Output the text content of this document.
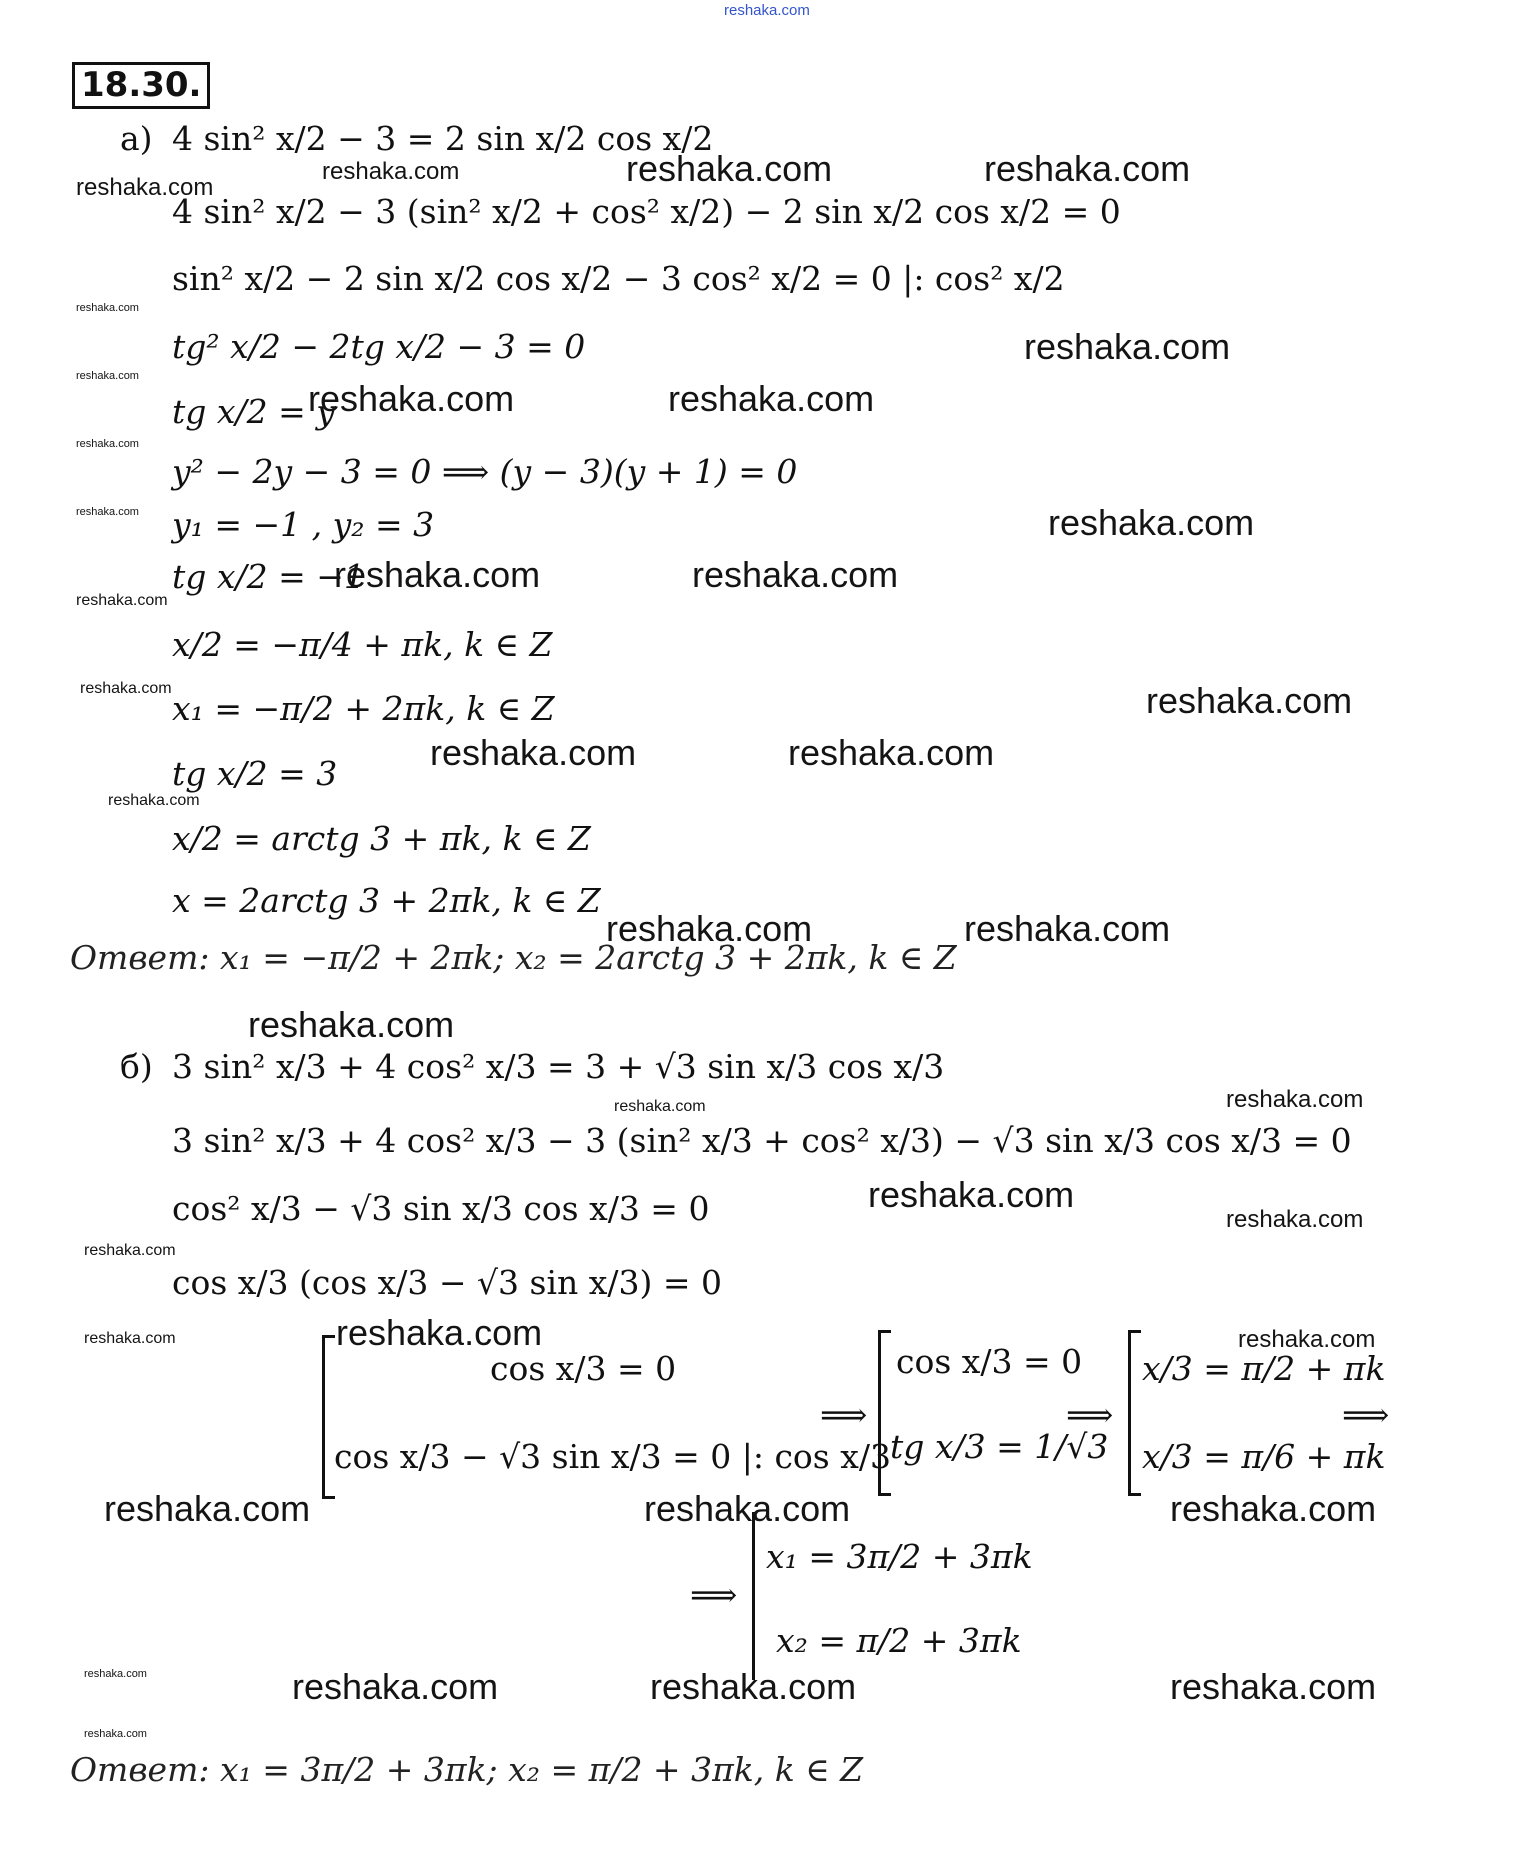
reshaka.com
18.30.
а) 4 sin² x/2 − 3 = 2 sin x/2 cos x/2
4 sin² x/2 − 3 (sin² x/2 + cos² x/2) − 2 sin x/2 cos x/2 = 0
sin² x/2 − 2 sin x/2 cos x/2 − 3 cos² x/2 = 0 |: cos² x/2
tg² x/2 − 2tg x/2 − 3 = 0
tg x/2 = y
y² − 2y − 3 = 0 ⟹ (y − 3)(y + 1) = 0
y₁ = −1 , y₂ = 3
tg x/2 = −1
x/2 = −π/4 + πk, k ∈ Z
x₁ = −π/2 + 2πk, k ∈ Z
tg x/2 = 3
x/2 = arctg 3 + πk, k ∈ Z
x = 2arctg 3 + 2πk, k ∈ Z
Ответ: x₁ = −π/2 + 2πk; x₂ = 2arctg 3 + 2πk, k ∈ Z
б) 3 sin² x/3 + 4 cos² x/3 = 3 + √3 sin x/3 cos x/3
3 sin² x/3 + 4 cos² x/3 − 3 (sin² x/3 + cos² x/3) − √3 sin x/3 cos x/3 = 0
cos² x/3 − √3 sin x/3 cos x/3 = 0
cos x/3 (cos x/3 − √3 sin x/3) = 0
cos x/3 = 0
cos x/3 − √3 sin x/3 = 0 |: cos x/3
⟹
cos x/3 = 0
tg x/3 = 1/√3
⟹
x/3 = π/2 + πk
x/3 = π/6 + πk
⟹
⟹
x₁ = 3π/2 + 3πk
x₂ = π/2 + 3πk
Ответ: x₁ = 3π/2 + 3πk; x₂ = π/2 + 3πk, k ∈ Z
reshaka.com	reshaka.com
reshaka.com
reshaka.com
reshaka.com
reshaka.com
reshaka.com
reshaka.com	reshaka.com
reshaka.com
reshaka.com	reshaka.com
reshaka.com	reshaka.com
reshaka.com
reshaka.com	reshaka.com
reshaka.com	reshaka.com
reshaka.com
reshaka.com	reshaka.com
reshaka.com
reshaka.com
reshaka.com
reshaka.com
reshaka.com
reshaka.com
reshaka.com	reshaka.com	reshaka.com
reshaka.com	reshaka.com	reshaka.com
reshaka.com	reshaka.com	reshaka.com	reshaka.com
reshaka.com
